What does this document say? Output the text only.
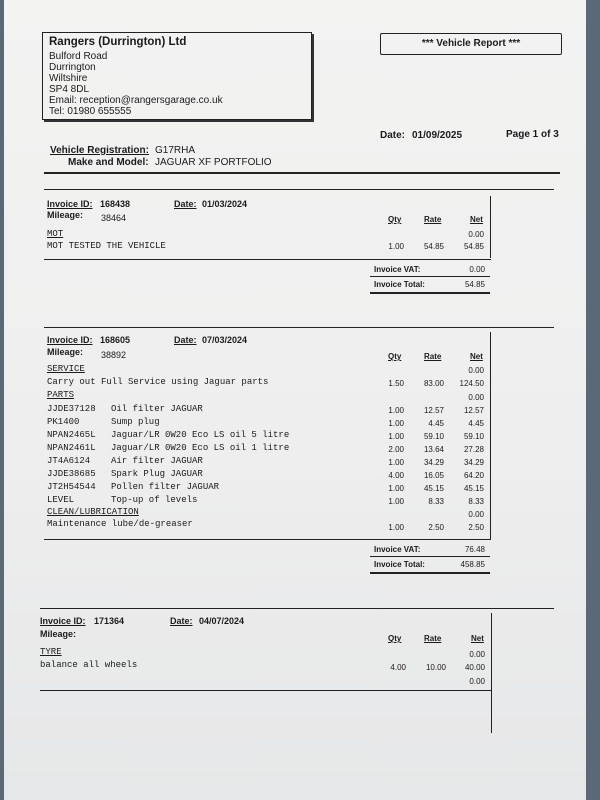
Rangers (Durrington) Ltd
Bulford Road
Durrington
Wiltshire
SP4 8DL
Email: reception@rangersgarage.co.uk
Tel: 01980 655555
*** Vehicle Report ***
Date: 01/09/2025	Page 1 of 3
Vehicle Registration: G17RHA
Make and Model: JAGUAR XF PORTFOLIO
Invoice ID: 168438	Date: 01/03/2024
Mileage: 38464	Qty	Rate	Net
MOT	0.00
MOT TESTED THE VEHICLE	1.00	54.85	54.85
Invoice VAT:	0.00
Invoice Total:	54.85
Invoice ID: 168605	Date: 07/03/2024
Mileage: 38892	Qty	Rate	Net
SERVICE	0.00
Carry out Full Service using Jaguar parts	1.50	83.00	124.50
PARTS	0.00
JJDE37128 Oil filter JAGUAR	1.00	12.57	12.57
PK1400	Sump plug	1.00	4.45	4.45
NPAN2465L Jaguar/LR 0W20 Eco LS oil 5 litre	1.00	59.10	59.10
NPAN2461L Jaguar/LR 0W20 Eco LS oil 1 litre	2.00	13.64	27.28
JT4A6124 Air filter JAGUAR	1.00	34.29	34.29
JJDE38685 Spark Plug JAGUAR	4.00	16.05	64.20
JT2H54544 Pollen filter JAGUAR	1.00	45.15	45.15
LEVEL	Top-up of levels	1.00	8.33	8.33
CLEAN/LUBRICATION	0.00
Maintenance lube/de-greaser	1.00	2.50	2.50
Invoice VAT:	76.48
Invoice Total:	458.85
Invoice ID: 171364	Date: 04/07/2024
Mileage:	Qty	Rate	Net
TYRE	0.00
balance all wheels	4.00	10.00	40.00
0.00
